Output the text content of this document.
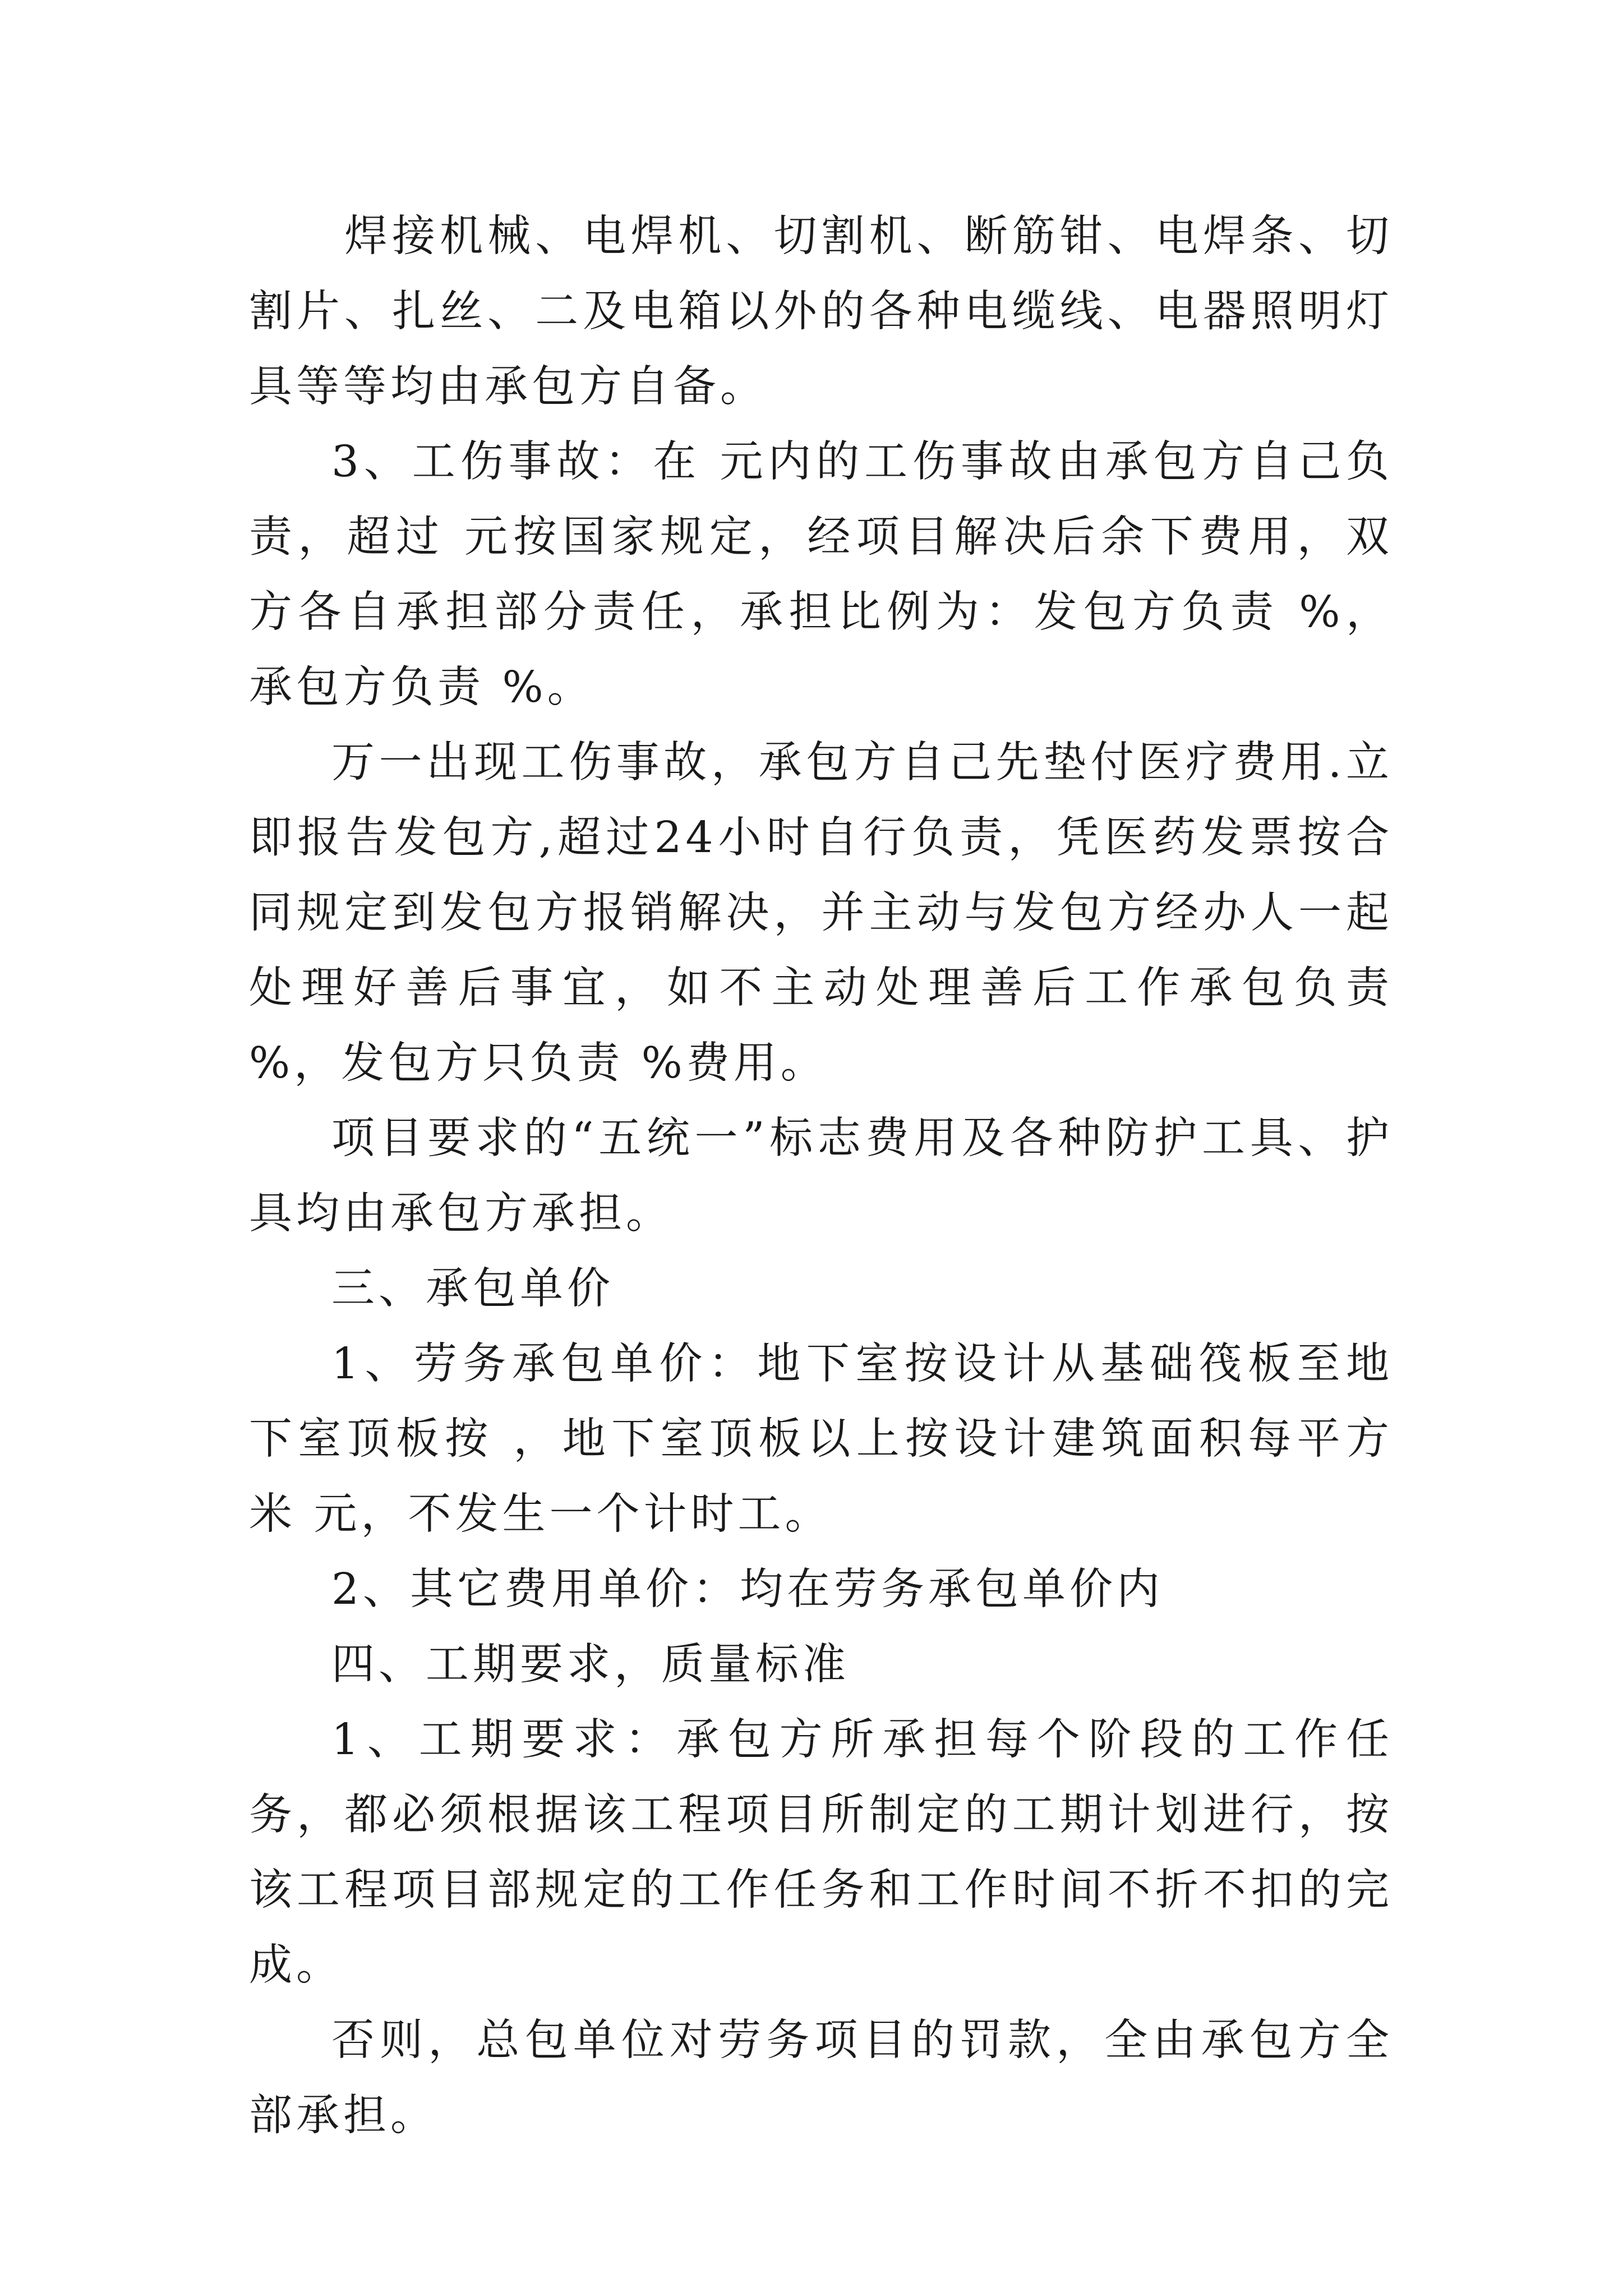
　　焊接机械、电焊机、切割机、断筋钳、电焊条、切割片、扎丝、二及电箱以外的各种电缆线、电器照明灯具等等均由承包方自备。

3、工伤事故：在 元内的工伤事故由承包方自己负责，超过 元按国家规定，经项目解决后余下费用，双方各自承担部分责任，承担比例为：发包方负责 %，承包方负责 %。

万一出现工伤事故，承包方自己先垫付医疗费用.立即报告发包方,超过24小时自行负责，凭医药发票按合同规定到发包方报销解决，并主动与发包方经办人一起处理好善后事宜，如不主动处理善后工作承包负责 %，发包方只负责 %费用。

项目要求的“五统一”标志费用及各种防护工具、护具均由承包方承担。

三、承包单价

1、劳务承包单价：地下室按设计从基础筏板至地下室顶板按 ，地下室顶板以上按设计建筑面积每平方米 元，不发生一个计时工。

2、其它费用单价：均在劳务承包单价内

四、工期要求，质量标准

1、工期要求：承包方所承担每个阶段的工作任务，都必须根据该工程项目所制定的工期计划进行，按该工程项目部规定的工作任务和工作时间不折不扣的完成。

否则，总包单位对劳务项目的罚款，全由承包方全部承担。
